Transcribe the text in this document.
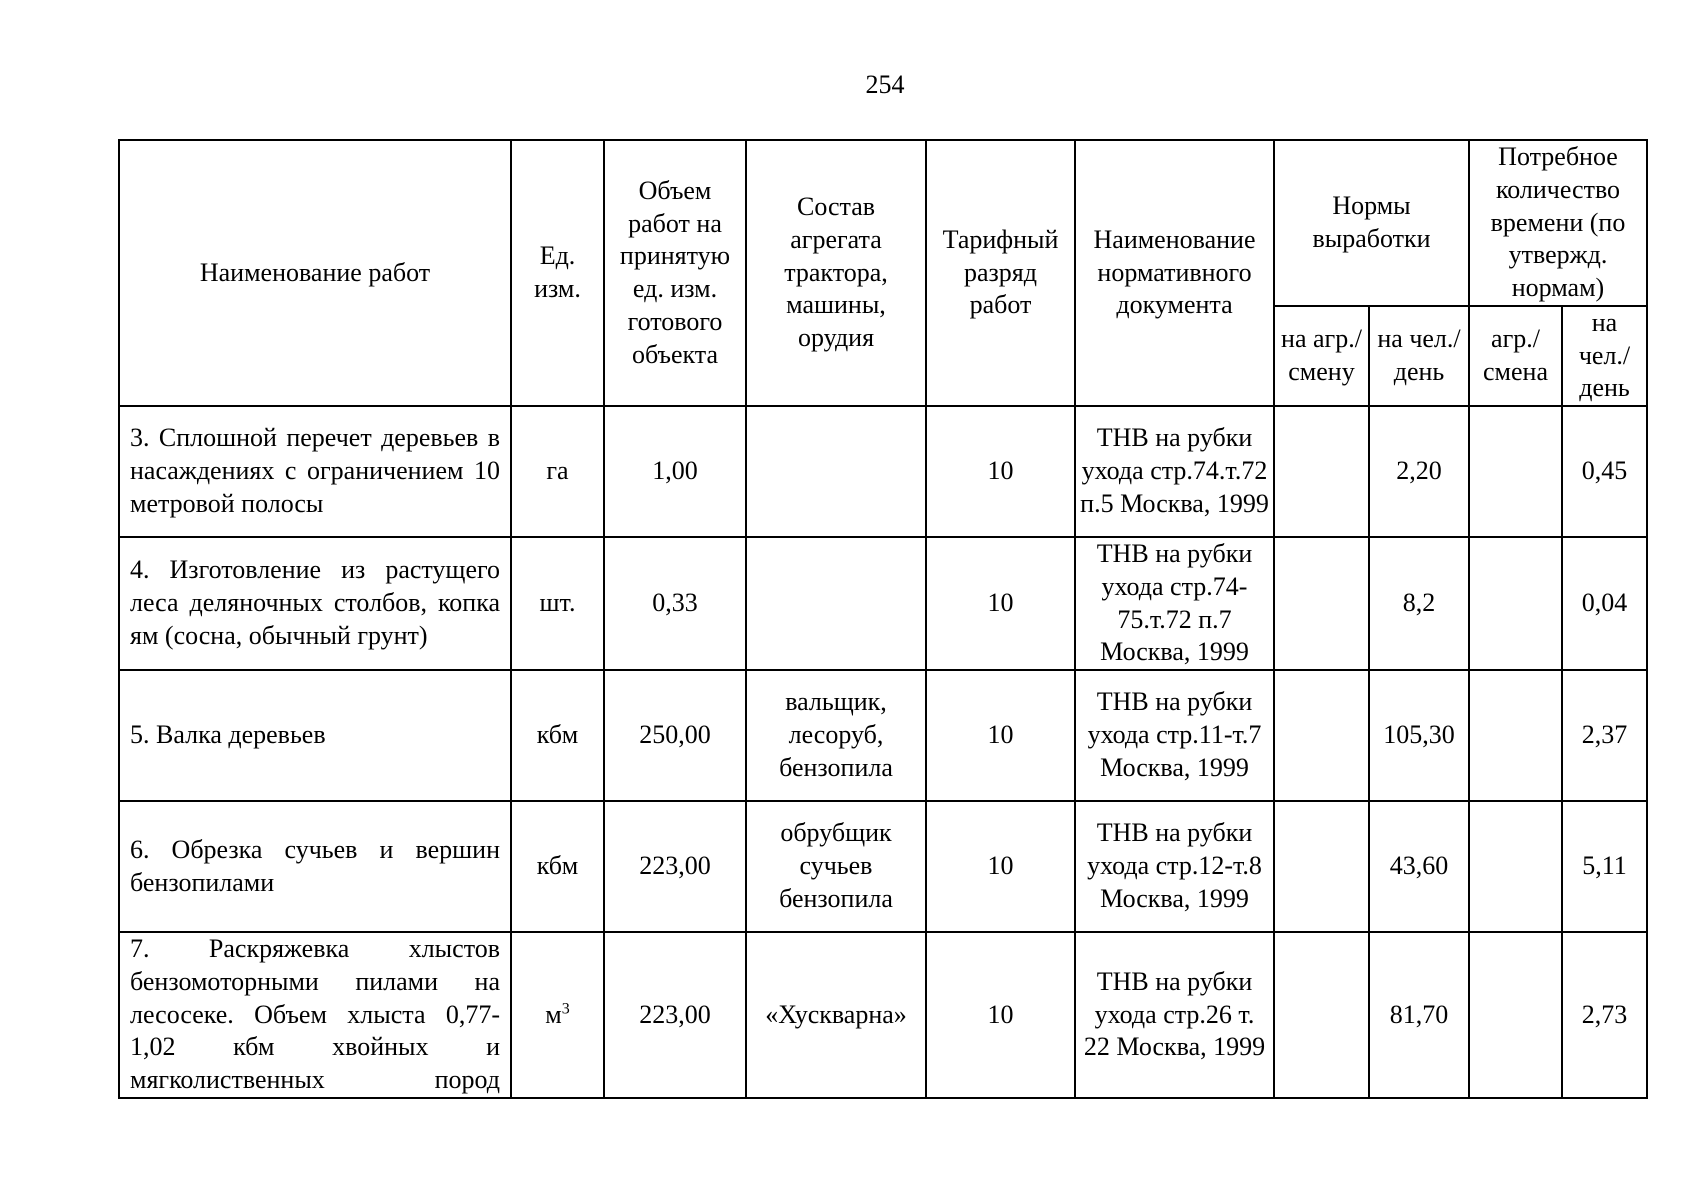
254
Наименование работ	Ед. изм.	Объем работ на принятую ед. изм. готового объекта	Состав агрегата трактора, машины, орудия	Тарифный разряд работ	Наименование нормативного документа	Нормы выработки		Потребное количество времени (по утвержд. нормам)	
						на агр./ смену	на чел./ день	агр./ смена	на чел./ день
3. Сплошной перечет деревьев в насаждениях с ограничением 10 метровой полосы	га	1,00		10	ТНВ на рубки ухода стр.74.т.72 п.5 Москва, 1999		2,20		0,45
4. Изготовление из растущего леса деляночных столбов, копка ям (сосна, обычный грунт)	шт.	0,33		10	ТНВ на рубки ухода стр.74-75.т.72 п.7 Москва, 1999		8,2		0,04
5. Валка деревьев	кбм	250,00	вальщик, лесоруб, бензопила	10	ТНВ на рубки ухода стр.11-т.7 Москва, 1999		105,30		2,37
6. Обрезка сучьев и вершин бензопилами	кбм	223,00	обрубщик сучьев бензопила	10	ТНВ на рубки ухода стр.12-т.8 Москва, 1999		43,60		5,11
7. Раскряжевка хлыстов бензомоторными пилами на лесосеке. Объем хлыста 0,77-1,02 кбм хвойных и мягколиственных пород	$м^3$	223,00	«Хускварна»	10	ТНВ на рубки ухода стр.26 т. 22 Москва, 1999		81,70		2,73
